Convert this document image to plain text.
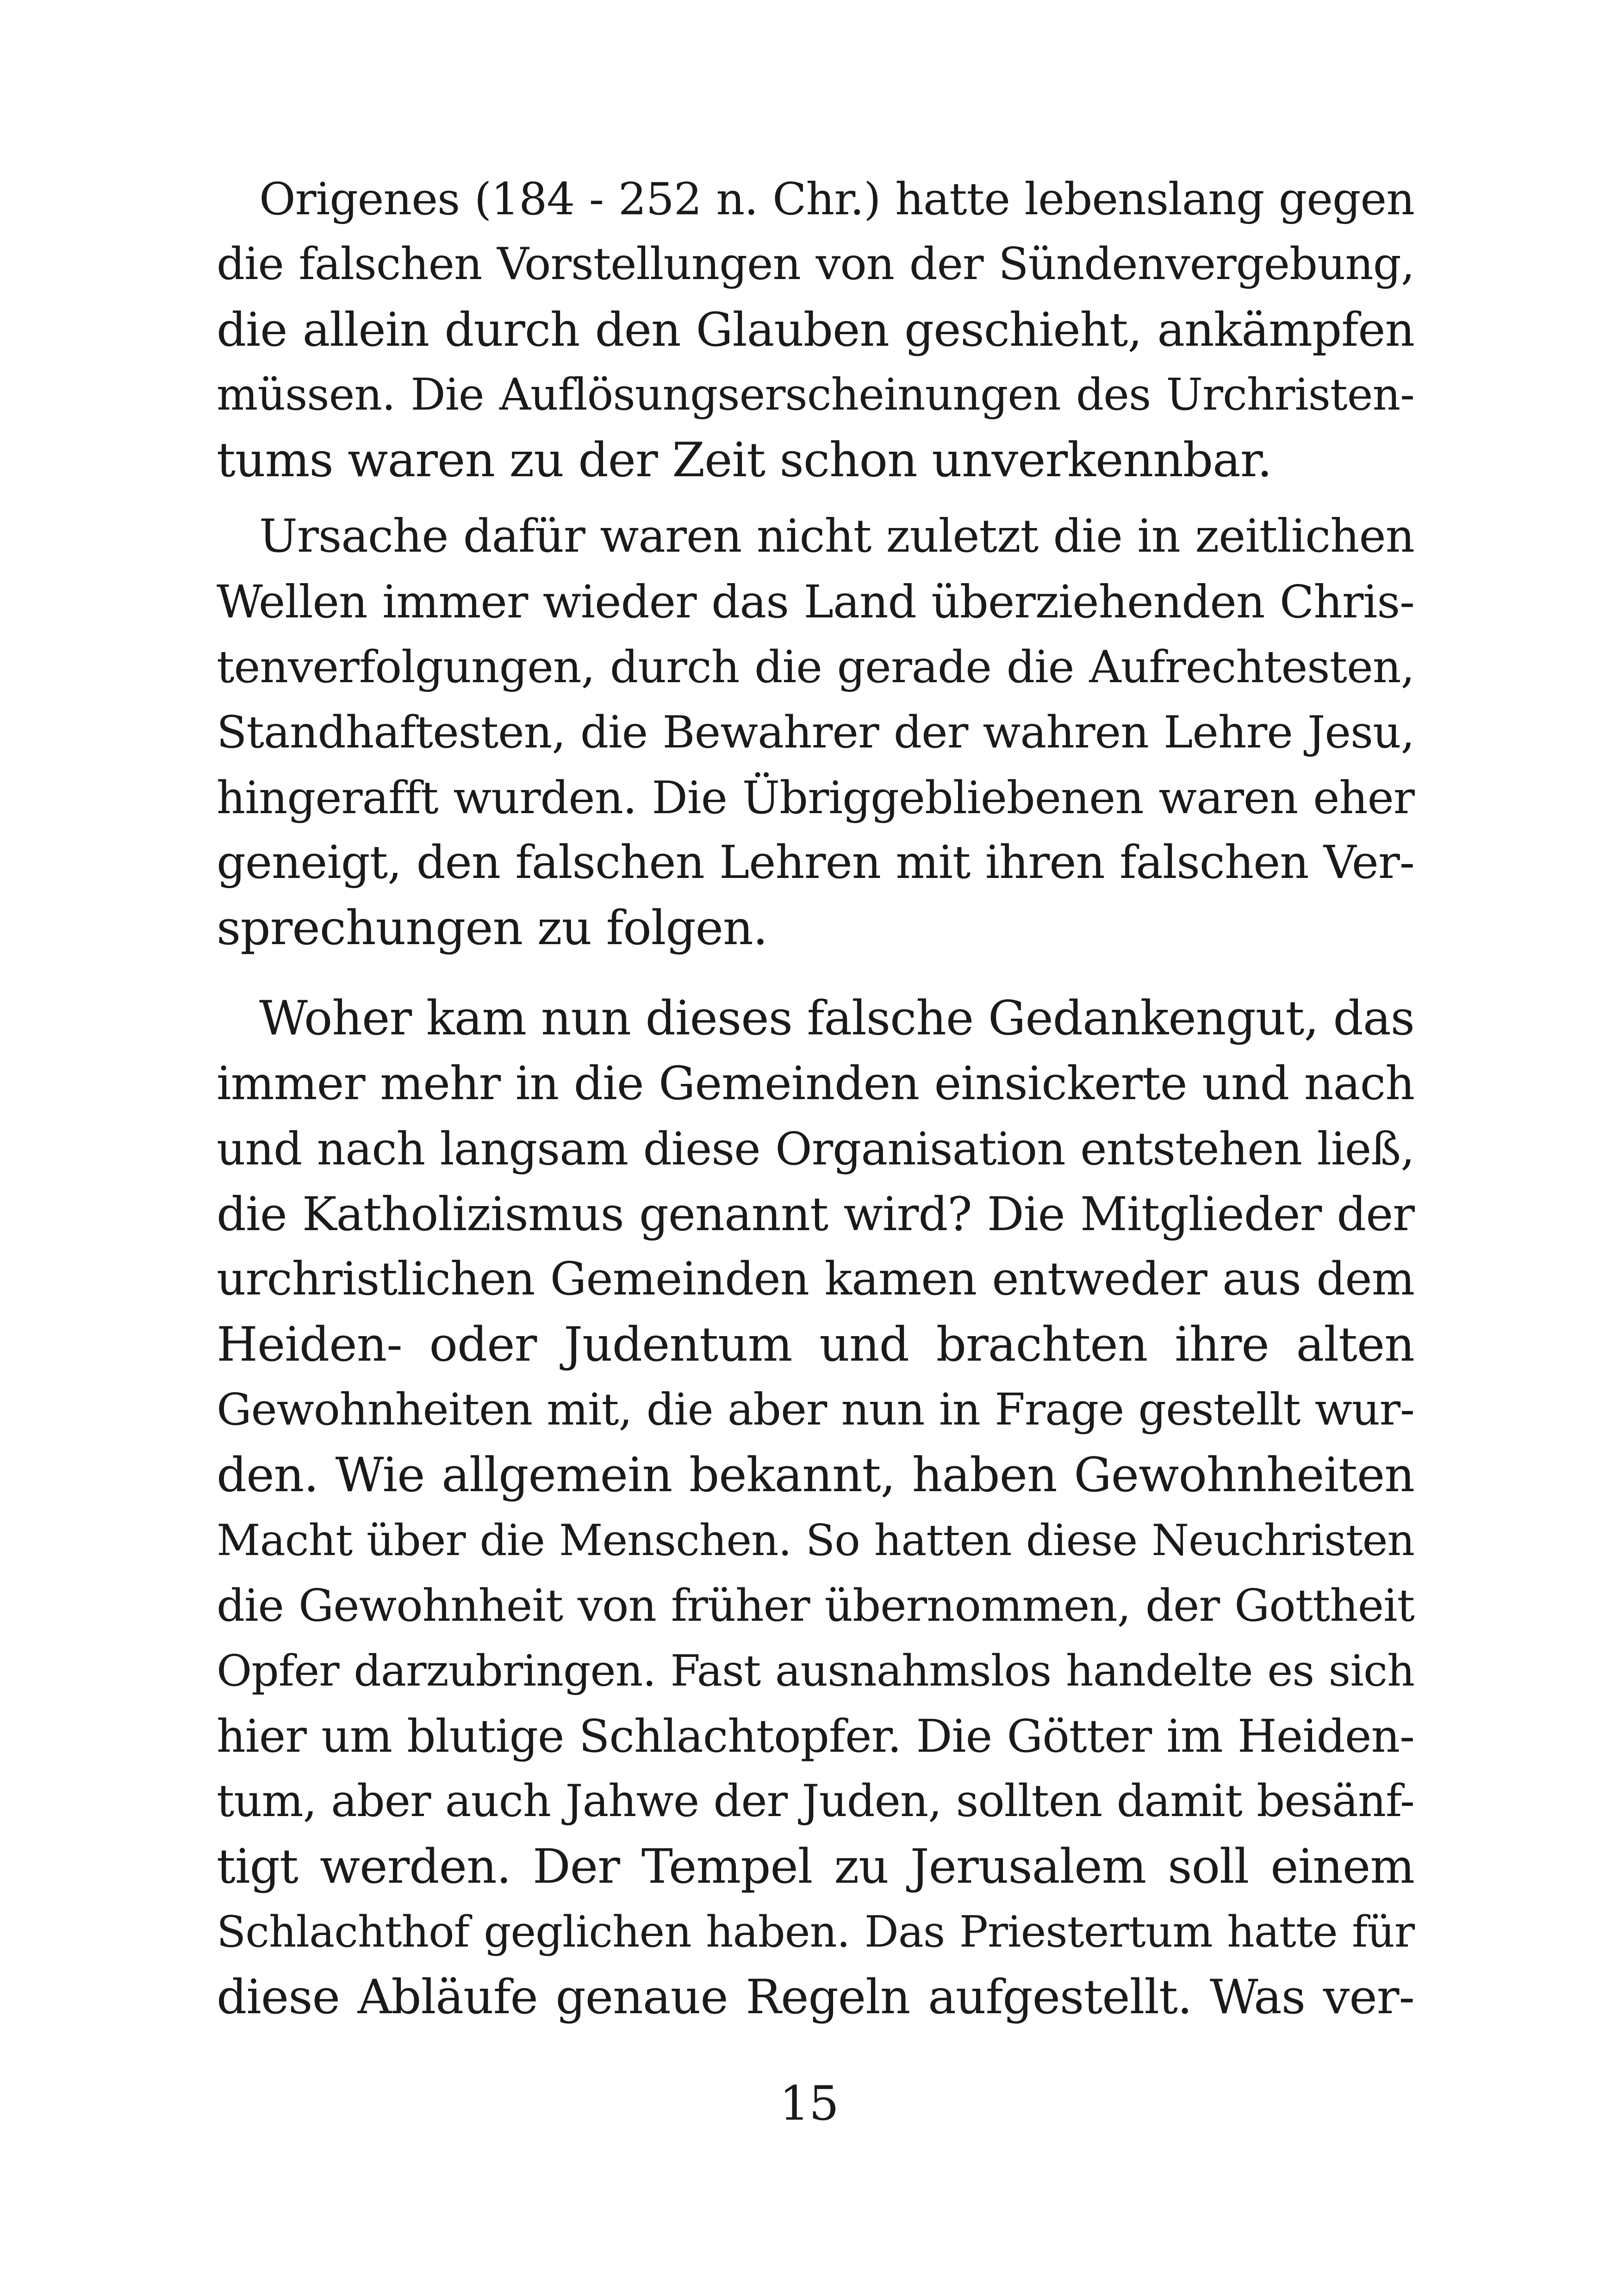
Origenes (184 - 252 n. Chr.) hatte lebenslang gegen
die falschen Vorstellungen von der Sündenvergebung,
die allein durch den Glauben geschieht, ankämpfen
müssen. Die Auflösungserscheinungen des Urchristen-
tums waren zu der Zeit schon unverkennbar.
Ursache dafür waren nicht zuletzt die in zeitlichen
Wellen immer wieder das Land überziehenden Chris-
tenverfolgungen, durch die gerade die Aufrechtesten,
Standhaftesten, die Bewahrer der wahren Lehre Jesu,
hingerafft wurden. Die Übriggebliebenen waren eher
geneigt, den falschen Lehren mit ihren falschen Ver-
sprechungen zu folgen.
Woher kam nun dieses falsche Gedankengut, das
immer mehr in die Gemeinden einsickerte und nach
und nach langsam diese Organisation entstehen ließ,
die Katholizismus genannt wird? Die Mitglieder der
urchristlichen Gemeinden kamen entweder aus dem
Heiden- oder Judentum und brachten ihre alten
Gewohnheiten mit, die aber nun in Frage gestellt wur-
den. Wie allgemein bekannt, haben Gewohnheiten
Macht über die Menschen. So hatten diese Neuchristen
die Gewohnheit von früher übernommen, der Gottheit
Opfer darzubringen. Fast ausnahmslos handelte es sich
hier um blutige Schlachtopfer. Die Götter im Heiden-
tum, aber auch Jahwe der Juden, sollten damit besänf-
tigt werden. Der Tempel zu Jerusalem soll einem
Schlachthof geglichen haben. Das Priestertum hatte für
diese Abläufe genaue Regeln aufgestellt. Was ver-
15
